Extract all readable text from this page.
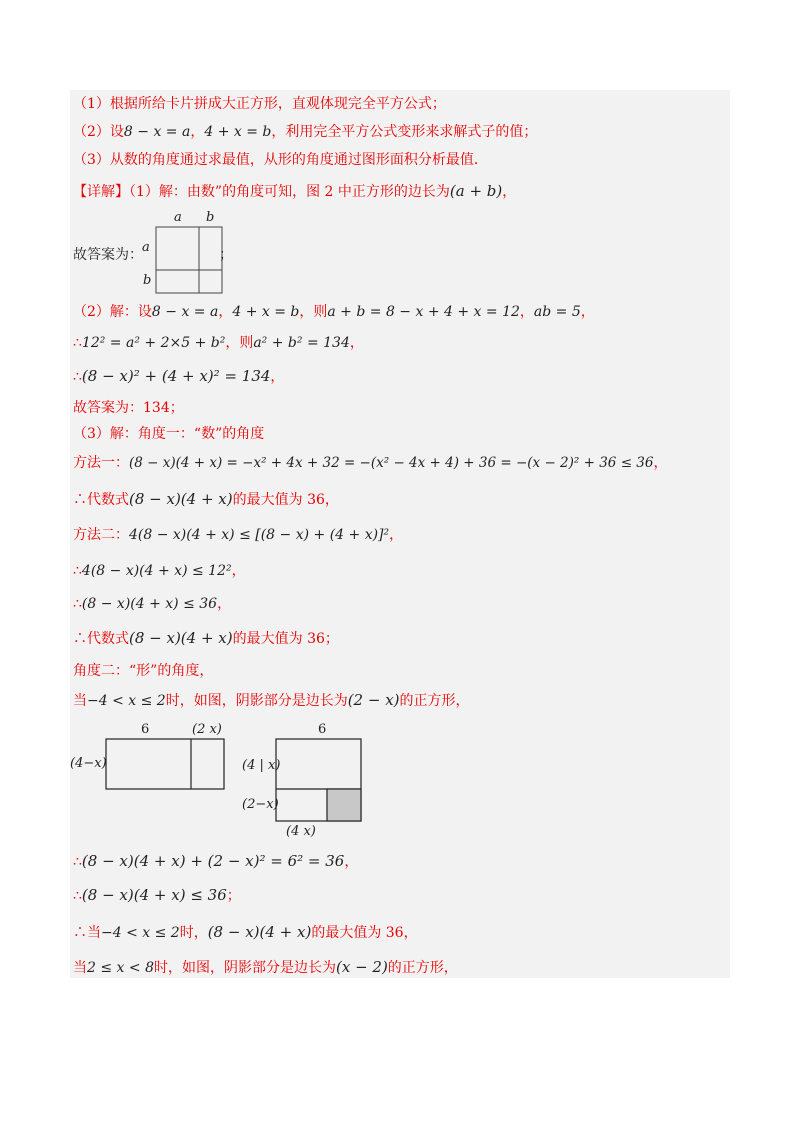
（1）根据所给卡片拼成大正方形，直观体现完全平方公式；
（2）设8 − x = a，4 + x = b，利用完全平方公式变形来求解式子的值；
（3）从数的角度通过求最值，从形的角度通过图形面积分析最值．
【详解】（1）解：由数”的角度可知，图 2 中正方形的边长为(a + b)，
故答案为：
a b
a
b
；
（2）解：设8 − x = a，4 + x = b，则a + b = 8 − x + 4 + x = 12，ab = 5，
∴12² = a² + 2×5 + b²，则a² + b² = 134，
∴(8 − x)² + (4 + x)² = 134，
故答案为：134；
（3）解：角度一：“数”的角度
方法一：(8 − x)(4 + x) = −x² + 4x + 32 = −(x² − 4x + 4) + 36 = −(x − 2)² + 36 ≤ 36，
∴代数式(8 − x)(4 + x)的最大值为 36，
方法二：4(8 − x)(4 + x) ≤ [(8 − x) + (4 + x)]²，
∴4(8 − x)(4 + x) ≤ 12²，
∴(8 − x)(4 + x) ≤ 36，
∴代数式(8 − x)(4 + x)的最大值为 36；
角度二：“形”的角度，
当−4 < x ≤ 2时，如图，阴影部分是边长为(2 − x)的正方形，
6	(2 x)
(4−x)
6
(4 | x)
(2−x)
(4 x)
∴(8 − x)(4 + x) + (2 − x)² = 6² = 36，
∴(8 − x)(4 + x) ≤ 36；
∴当−4 < x ≤ 2时，(8 − x)(4 + x)的最大值为 36，
当2 ≤ x < 8时，如图，阴影部分是边长为(x − 2)的正方形，
